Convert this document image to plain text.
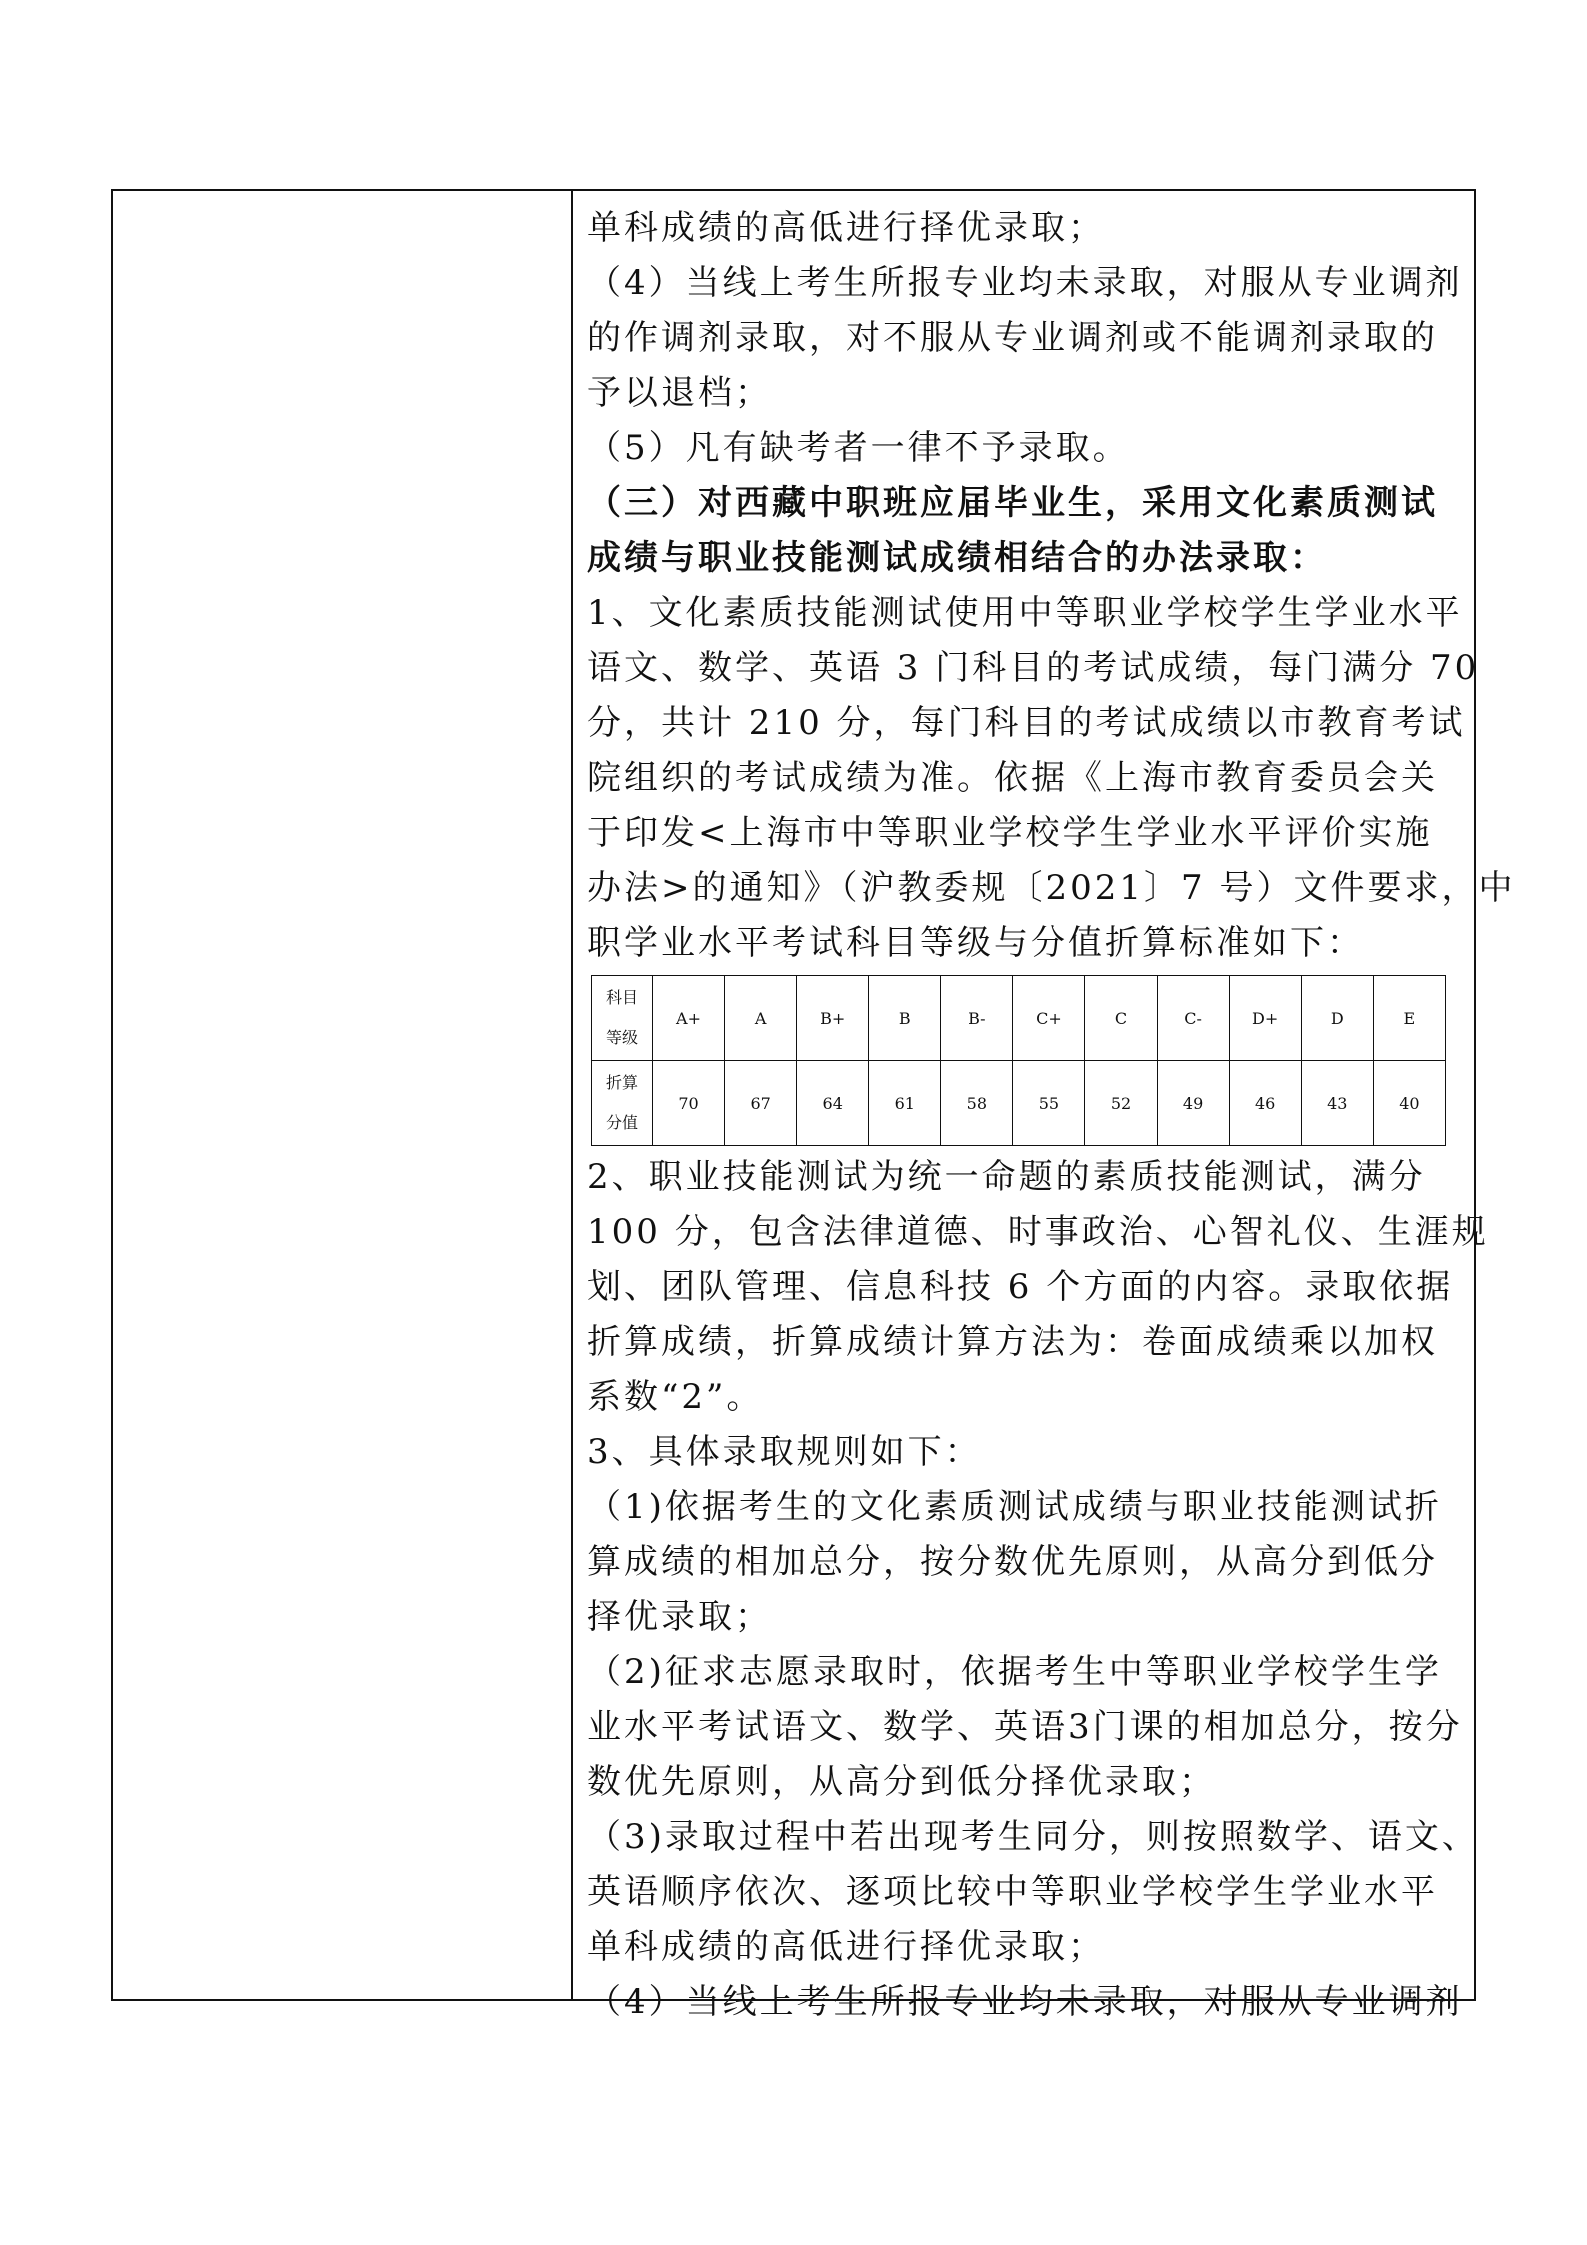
单科成绩的高低进行择优录取；
（4）当线上考生所报专业均未录取，对服从专业调剂
的作调剂录取，对不服从专业调剂或不能调剂录取的
予以退档；
（5）凡有缺考者一律不予录取。
（三）对西藏中职班应届毕业生，采用文化素质测试
成绩与职业技能测试成绩相结合的办法录取：
1、文化素质技能测试使用中等职业学校学生学业水平
语文、数学、英语 3 门科目的考试成绩，每门满分 70
分，共计 210 分，每门科目的考试成绩以市教育考试
院组织的考试成绩为准。依据《上海市教育委员会关
于印发<上海市中等职业学校学生学业水平评价实施
办法>的通知》（沪教委规〔2021〕7 号）文件要求，中
职学业水平考试科目等级与分值折算标准如下：
科目
等级	A+	A	B+	B	B-	C+	C	C-	D+	D	E

折算
分值	70	67	64	61	58	55	52	49	46	43	40
2、职业技能测试为统一命题的素质技能测试，满分
100 分，包含法律道德、时事政治、心智礼仪、生涯规
划、团队管理、信息科技 6 个方面的内容。录取依据
折算成绩，折算成绩计算方法为：卷面成绩乘以加权
系数“2”。
3、具体录取规则如下：
（1)依据考生的文化素质测试成绩与职业技能测试折
算成绩的相加总分，按分数优先原则，从高分到低分
择优录取；
（2)征求志愿录取时，依据考生中等职业学校学生学
业水平考试语文、数学、英语3门课的相加总分，按分
数优先原则，从高分到低分择优录取；
（3)录取过程中若出现考生同分，则按照数学、语文、
英语顺序依次、逐项比较中等职业学校学生学业水平
单科成绩的高低进行择优录取；
（4）当线上考生所报专业均未录取，对服从专业调剂
